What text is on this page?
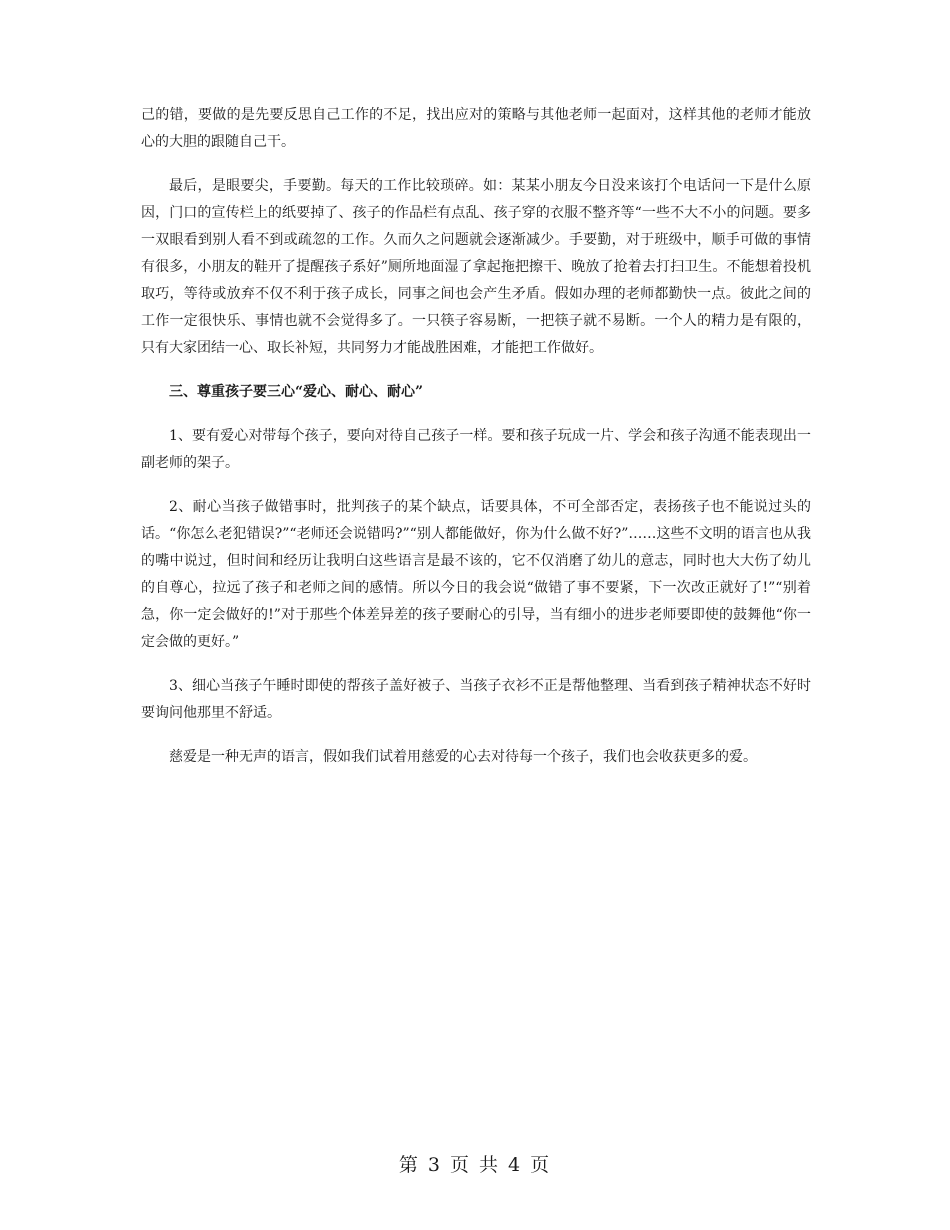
己的错，要做的是先要反思自己工作的不足，找出应对的策略与其他老师一起面对，这样其他的老师才能放心的大胆的跟随自己干。

最后，是眼要尖，手要勤。每天的工作比较琐碎。如：某某小朋友今日没来该打个电话问一下是什么原因，门口的宣传栏上的纸要掉了、孩子的作品栏有点乱、孩子穿的衣服不整齐等“一些不大不小的问题。要多一双眼看到别人看不到或疏忽的工作。久而久之问题就会逐渐减少。手要勤，对于班级中，顺手可做的事情有很多，小朋友的鞋开了提醒孩子系好”厕所地面湿了拿起拖把擦干、晚放了抢着去打扫卫生。不能想着投机取巧，等待或放弃不仅不利于孩子成长，同事之间也会产生矛盾。假如办理的老师都勤快一点。彼此之间的工作一定很快乐、事情也就不会觉得多了。一只筷子容易断，一把筷子就不易断。一个人的精力是有限的，只有大家团结一心、取长补短，共同努力才能战胜困难，才能把工作做好。

三、尊重孩子要三心“爱心、耐心、耐心”

1、要有爱心对带每个孩子，要向对待自己孩子一样。要和孩子玩成一片、学会和孩子沟通不能表现出一副老师的架子。

2、耐心当孩子做错事时，批判孩子的某个缺点，话要具体，不可全部否定，表扬孩子也不能说过头的话。“你怎么老犯错误?”“老师还会说错吗?”“别人都能做好，你为什么做不好?”……这些不文明的语言也从我的嘴中说过，但时间和经历让我明白这些语言是最不该的，它不仅消磨了幼儿的意志，同时也大大伤了幼儿的自尊心，拉远了孩子和老师之间的感情。所以今日的我会说“做错了事不要紧，下一次改正就好了!”“别着急，你一定会做好的!”对于那些个体差异差的孩子要耐心的引导，当有细小的进步老师要即使的鼓舞他“你一定会做的更好。”

3、细心当孩子午睡时即使的帮孩子盖好被子、当孩子衣衫不正是帮他整理、当看到孩子精神状态不好时要询问他那里不舒适。

慈爱是一种无声的语言，假如我们试着用慈爱的心去对待每一个孩子，我们也会收获更多的爱。

第 3 页 共 4 页
